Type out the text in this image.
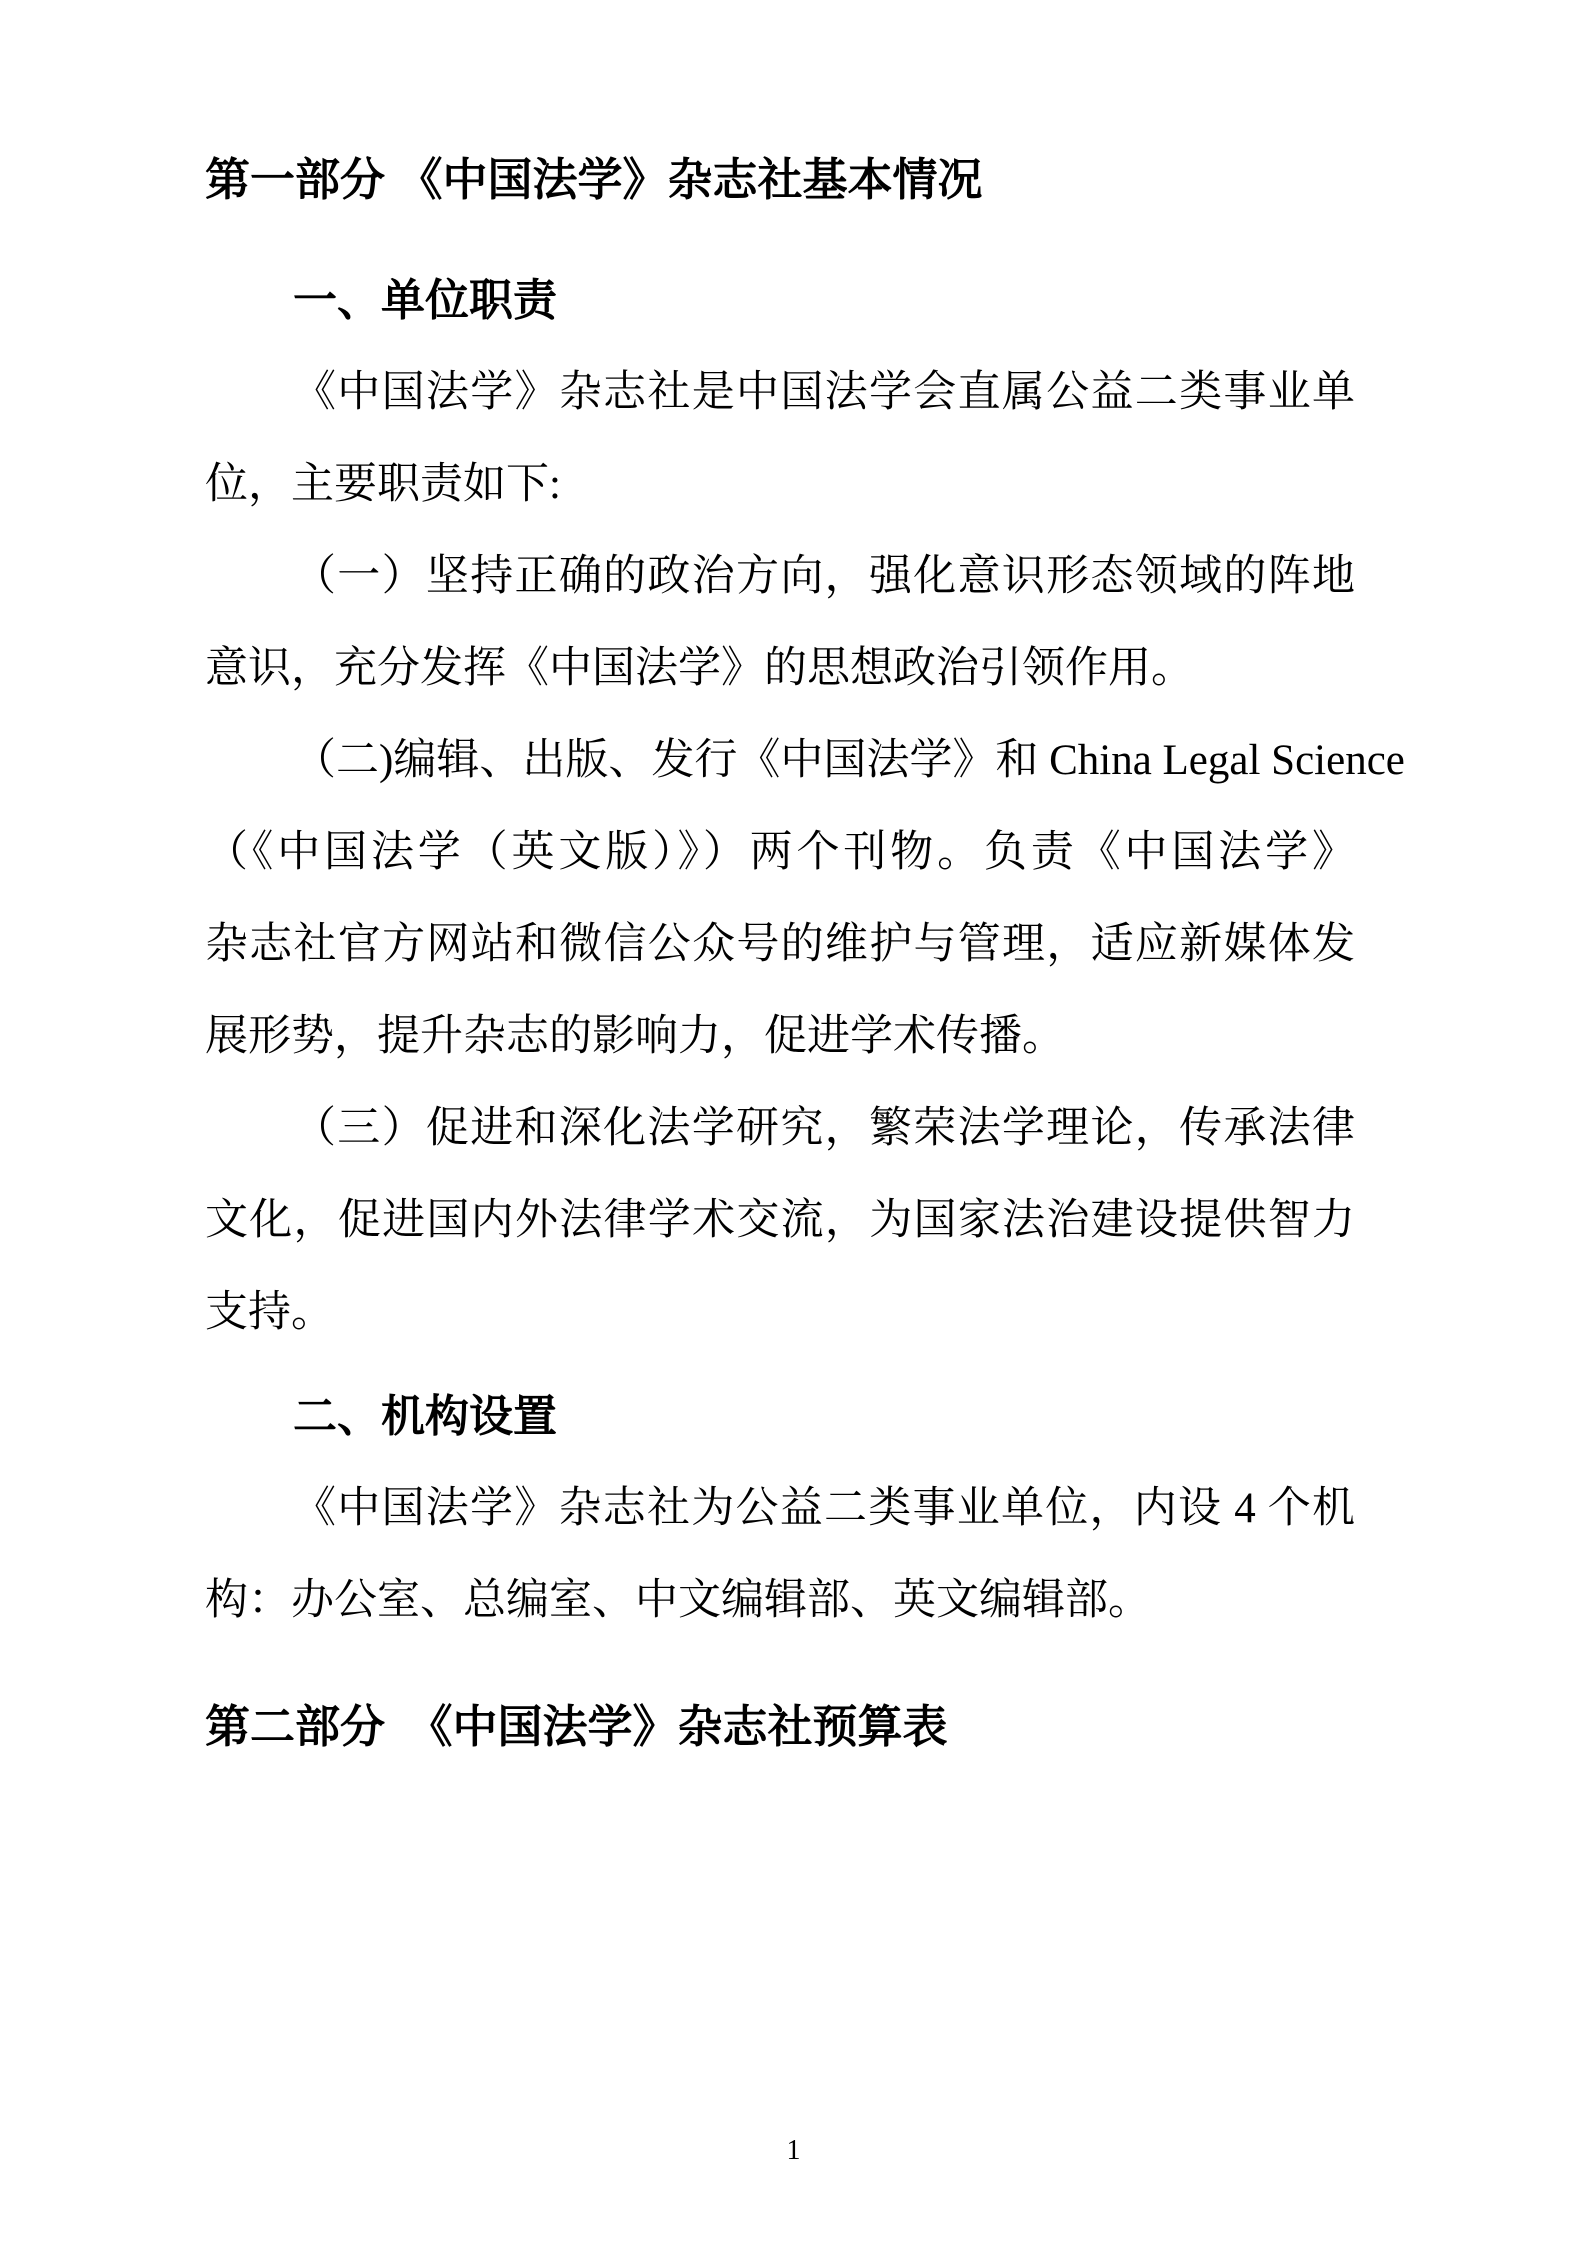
第一部分 《中国法学》杂志社基本情况
一、单位职责
《中国法学》杂志社是中国法学会直属公益二类事业单
位，主要职责如下:
（一）坚持正确的政治方向，强化意识形态领域的阵地
意识，充分发挥《中国法学》的思想政治引领作用。
（二)编辑、出版、发行《中国法学》和 China Legal Science
（《中国法学（英文版）》）两个刊物。负责《中国法学》
杂志社官方网站和微信公众号的维护与管理，适应新媒体发
展形势，提升杂志的影响力，促进学术传播。
（三）促进和深化法学研究，繁荣法学理论，传承法律
文化，促进国内外法律学术交流，为国家法治建设提供智力
支持。
二、机构设置
《中国法学》杂志社为公益二类事业单位，内设 4 个机
构：办公室、总编室、中文编辑部、英文编辑部。
第二部分　《中国法学》杂志社预算表
1
